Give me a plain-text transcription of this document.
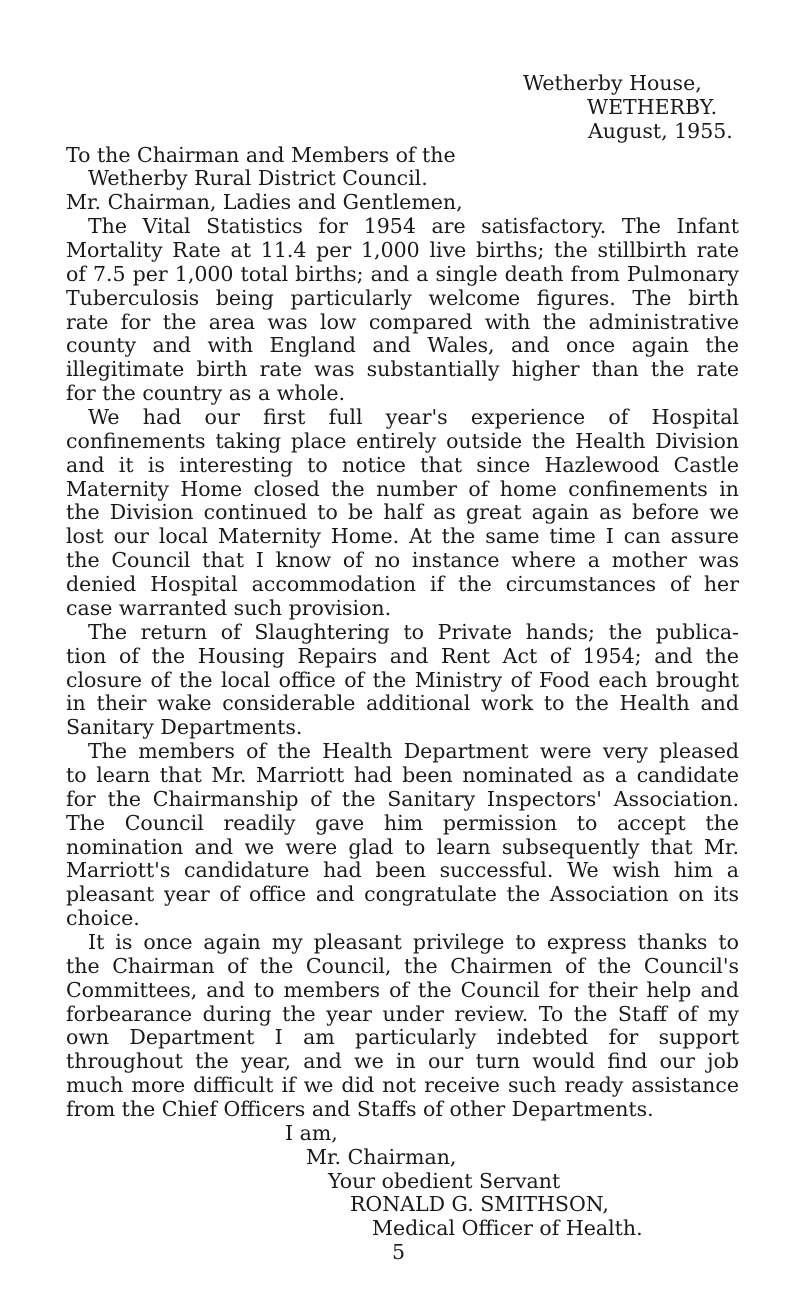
Wetherby House,
WETHERBY.
August, 1955.
To the Chairman and Members of the
Wetherby Rural District Council.
Mr. Chairman, Ladies and Gentlemen,
The Vital Statistics for 1954 are satisfactory. The Infant
Mortality Rate at 11.4 per 1,000 live births; the stillbirth rate
of 7.5 per 1,000 total births; and a single death from Pulmonary
Tuberculosis being particularly welcome figures. The birth
rate for the area was low compared with the administrative
county and with England and Wales, and once again the
illegitimate birth rate was substantially higher than the rate
for the country as a whole.
We had our first full year's experience of Hospital
confinements taking place entirely outside the Health Division
and it is interesting to notice that since Hazlewood Castle
Maternity Home closed the number of home confinements in
the Division continued to be half as great again as before we
lost our local Maternity Home. At the same time I can assure
the Council that I know of no instance where a mother was
denied Hospital accommodation if the circumstances of her
case warranted such provision.
The return of Slaughtering to Private hands; the publica-
tion of the Housing Repairs and Rent Act of 1954; and the
closure of the local office of the Ministry of Food each brought
in their wake considerable additional work to the Health and
Sanitary Departments.
The members of the Health Department were very pleased
to learn that Mr. Marriott had been nominated as a candidate
for the Chairmanship of the Sanitary Inspectors' Association.
The Council readily gave him permission to accept the
nomination and we were glad to learn subsequently that Mr.
Marriott's candidature had been successful. We wish him a
pleasant year of office and congratulate the Association on its
choice.
It is once again my pleasant privilege to express thanks to
the Chairman of the Council, the Chairmen of the Council's
Committees, and to members of the Council for their help and
forbearance during the year under review. To the Staff of my
own Department I am particularly indebted for support
throughout the year, and we in our turn would find our job
much more difficult if we did not receive such ready assistance
from the Chief Officers and Staffs of other Departments.
I am,
Mr. Chairman,
Your obedient Servant
RONALD G. SMITHSON,
Medical Officer of Health.
5
